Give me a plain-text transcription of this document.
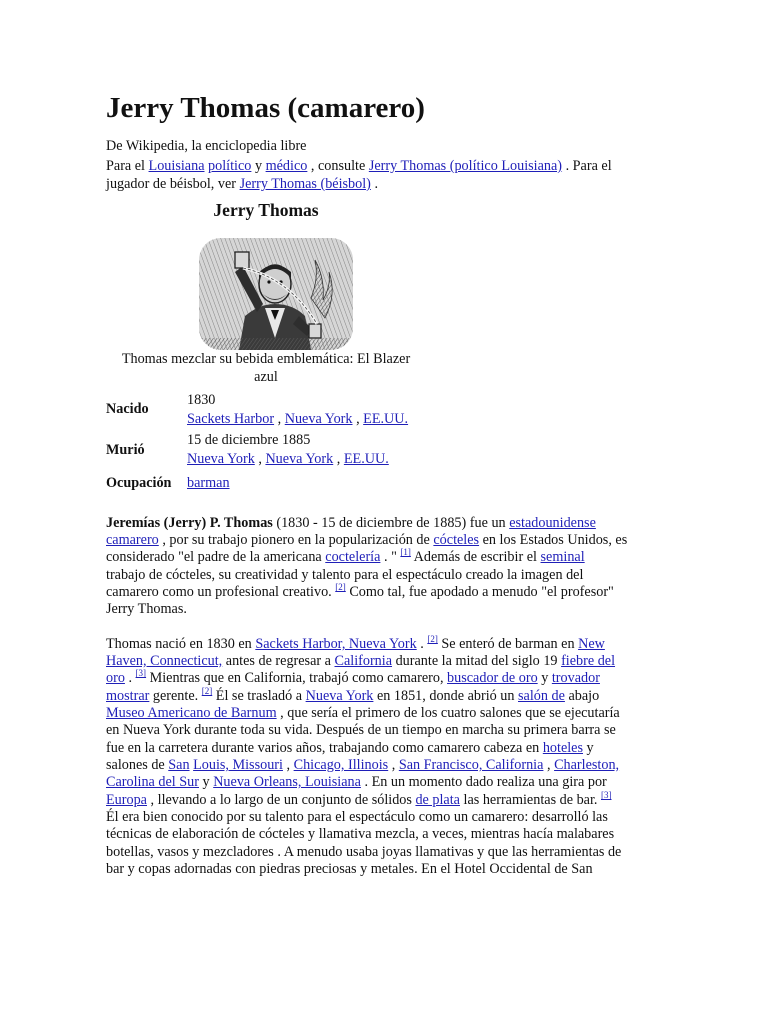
Jerry Thomas (camarero)
De Wikipedia, la enciclopedia libre
Para el Louisiana político y médico , consulte Jerry Thomas (político Louisiana) . Para el
jugador de béisbol, ver Jerry Thomas (béisbol) .
Jerry Thomas
Thomas mezclar su bebida emblemática: El Blazer
azul
Nacido
1830
Sackets Harbor , Nueva York , EE.UU.
Murió
15 de diciembre 1885
Nueva York , Nueva York , EE.UU.
Ocupación barman
Jeremías (Jerry) P. Thomas (1830 - 15 de diciembre de 1885) fue un estadounidense
camarero , por su trabajo pionero en la popularización de cócteles en los Estados Unidos, es
considerado "el padre de la americana coctelería . " [1] Además de escribir el seminal
trabajo de cócteles, su creatividad y talento para el espectáculo creado la imagen del
camarero como un profesional creativo. [2] Como tal, fue apodado a menudo "el profesor"
Jerry Thomas.
Thomas nació en 1830 en Sackets Harbor, Nueva York . [2] Se enteró de barman en New
Haven, Connecticut, antes de regresar a California durante la mitad del siglo 19 fiebre del
oro . [3] Mientras que en California, trabajó como camarero, buscador de oro y trovador
mostrar gerente. [2] Él se trasladó a Nueva York en 1851, donde abrió un salón de abajo
Museo Americano de Barnum , que sería el primero de los cuatro salones que se ejecutaría
en Nueva York durante toda su vida. Después de un tiempo en marcha su primera barra se
fue en la carretera durante varios años, trabajando como camarero cabeza en hoteles y
salones de San Louis, Missouri , Chicago, Illinois , San Francisco, California , Charleston,
Carolina del Sur y Nueva Orleans, Louisiana . En un momento dado realiza una gira por
Europa , llevando a lo largo de un conjunto de sólidos de plata las herramientas de bar. [3]
Él era bien conocido por su talento para el espectáculo como un camarero: desarrolló las
técnicas de elaboración de cócteles y llamativa mezcla, a veces, mientras hacía malabares
botellas, vasos y mezcladores . A menudo usaba joyas llamativas y que las herramientas de
bar y copas adornadas con piedras preciosas y metales. En el Hotel Occidental de San
